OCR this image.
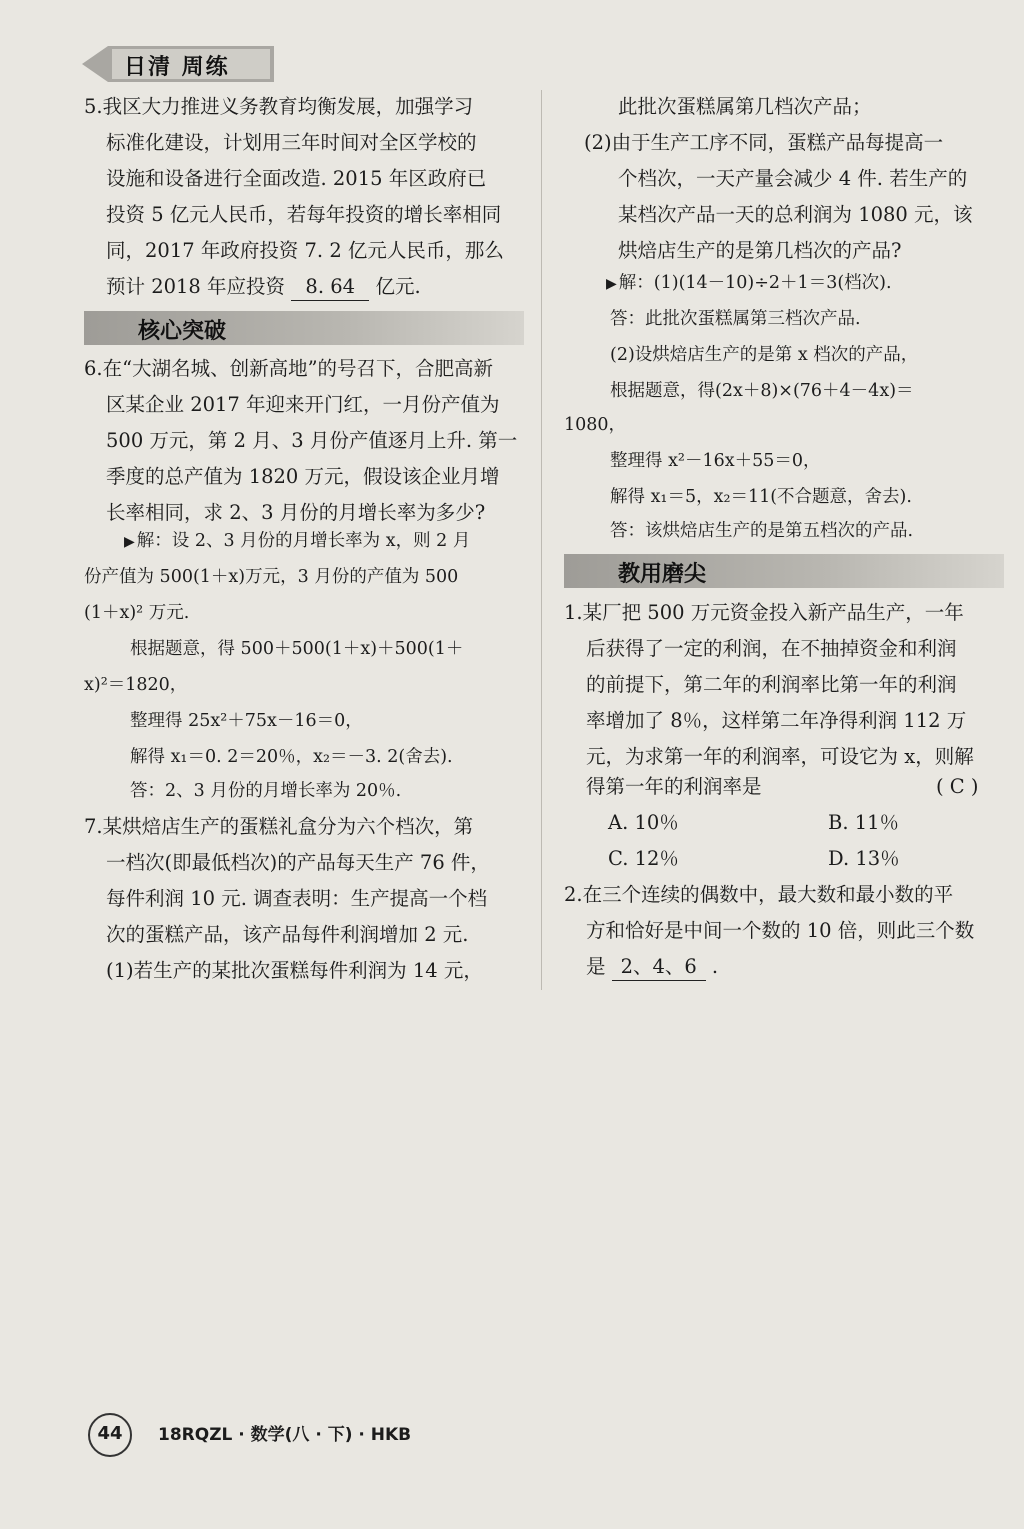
日清 周练
5.我区大力推进义务教育均衡发展，加强学习
标准化建设，计划用三年时间对全区学校的
设施和设备进行全面改造. 2015 年区政府已
投资 5 亿元人民币，若每年投资的增长率相同
同，2017 年政府投资 7. 2 亿元人民币，那么
预计 2018 年应投资 8. 64 亿元.
核心突破
6.在“大湖名城、创新高地”的号召下，合肥高新
区某企业 2017 年迎来开门红，一月份产值为
500 万元，第 2 月、3 月份产值逐月上升. 第一
季度的总产值为 1820 万元，假设该企业月增
长率相同，求 2、3 月份的月增长率为多少?
▶ 解：设 2、3 月份的月增长率为 x，则 2 月
份产值为 500(1＋x)万元，3 月份的产值为 500
(1＋x)² 万元.
根据题意，得 500＋500(1＋x)＋500(1＋
x)²＝1820，
整理得 25x²＋75x－16＝0，
解得 x₁＝0. 2＝20％，x₂＝－3. 2(舍去).
答：2、3 月份的月增长率为 20％.
7.某烘焙店生产的蛋糕礼盒分为六个档次，第
一档次(即最低档次)的产品每天生产 76 件，
每件利润 10 元. 调查表明：生产提高一个档
次的蛋糕产品，该产品每件利润增加 2 元.
(1)若生产的某批次蛋糕每件利润为 14 元，
此批次蛋糕属第几档次产品；
(2)由于生产工序不同，蛋糕产品每提高一
个档次，一天产量会减少 4 件. 若生产的
某档次产品一天的总利润为 1080 元，该
烘焙店生产的是第几档次的产品?
▶ 解：(1)(14－10)÷2＋1＝3(档次).
答：此批次蛋糕属第三档次产品.
(2)设烘焙店生产的是第 x 档次的产品，
根据题意，得(2x＋8)×(76＋4－4x)＝
1080，
整理得 x²－16x＋55＝0，
解得 x₁＝5，x₂＝11(不合题意，舍去).
答：该烘焙店生产的是第五档次的产品.
教用磨尖
1.某厂把 500 万元资金投入新产品生产，一年
后获得了一定的利润，在不抽掉资金和利润
的前提下，第二年的利润率比第一年的利润
率增加了 8％，这样第二年净得利润 112 万
元，为求第一年的利润率，可设它为 x，则解
得第一年的利润率是	( C )
A. 10％	B. 11％
C. 12％	D. 13％
2.在三个连续的偶数中，最大数和最小数的平
方和恰好是中间一个数的 10 倍，则此三个数
是 2、4、6 .
44	18RQZL · 数学(八 · 下) · HKB
